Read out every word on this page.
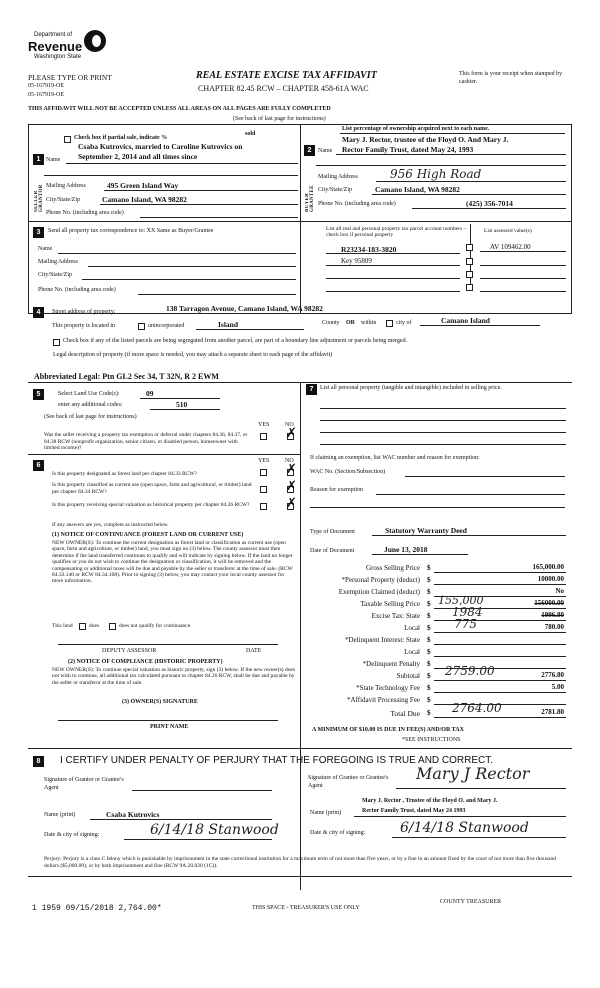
Department of
Revenue
Washington State
PLEASE TYPE OR PRINT
05-167919-OE
05-167919-OE
REAL ESTATE EXCISE TAX AFFIDAVIT
CHAPTER 82.45 RCW – CHAPTER 458-61A WAC
This form is your receipt when stamped by cashier.
THIS AFFIDAVIT WILL NOT BE ACCEPTED UNLESS ALL AREAS ON ALL PAGES ARE FULLY COMPLETED
(See back of last page for instructions)
Check box if partial sale, indicate %
sold
List percentage of ownership acquired next to each name.
1
SELLER GRANTOR
Csaba Kutrovics, married to Caroline Kutrovics on
Name September 2, 2014 and all times since
Mailing Address	495 Green Island Way
City/State/Zip	Camano Island, WA 98282
Phone No. (including area code)
2
BUYER GRANTEE
Mary J. Rector, trustee of the Floyd O. And Mary J.
Name Rector Family Trust, dated May 24, 1993
Mailing Address	956 High Road
City/State/Zip	Camano Island, WA 98282
Phone No. (including area code)	(425) 356-7014
3	Send all property tax correspondence to: XX Same as Buyer/Grantee
Name
Mailing Address
City/State/Zip
Phone No. (including area code)
List all real and personal property tax parcel account numbers – check box if personal property
List assessed value(s)
R23234-183-3820	AV 109462.00
Key 95809
4	Street address of property:	138 Tarragon Avenue, Camano Island, WA 98282
This property is located in	unincorporated	Island	County OR within	city of	Camano Island
Check box if any of the listed parcels are being segregated from another parcel, are part of a boundary line adjustment or parcels being merged.
Legal description of property (if more space is needed, you may attach a separate sheet to each page of the affidavit)
Abbreviated Legal: Ptn GL2 Sec 34, T 32N, R 2 EWM
5	Select Land Use Code(s):	09
enter any additional codes:	510
(See back of last page for instructions)
YES	NO
Was the seller receiving a property tax exemption or deferral under chapters 84.36, 84.37, or 84.38 RCW (nonprofit organization, senior citizen, or disabled person, homeowner with limited income)?
✗
6
YES	NO
Is this property designated as forest land per chapter 84.33 RCW?	✗
Is this property classified as current use (open space, farm and agricultural, or timber) land per chapter 84.34 RCW?	✗
Is this property receiving special valuation as historical property per chapter 84.26 RCW?	✗
If any answers are yes, complete as instructed below.
(1) NOTICE OF CONTINUANCE (FOREST LAND OR CURRENT USE)
NEW OWNER(S): To continue the current designation as forest land or classification as current use (open space, farm and agriculture, or timber) land, you must sign on (3) below. The county assessor must then determine if the land transferred continues to qualify and will indicate by signing below. If the land no longer qualifies or you do not wish to continue the designation or classification, it will be removed and the compensating or additional taxes will be due and payable by the seller or transferor at the time of sale. (RCW 84.33.140 or RCW 84.34.108). Prior to signing (3) below, you may contact your local county assessor for more information.
This land	does	does not qualify for continuance.
DEPUTY ASSESSOR	DATE
(2) NOTICE OF COMPLIANCE (HISTORIC PROPERTY)
NEW OWNER(S): To continue special valuation as historic property, sign (3) below. If the new owner(s) does not wish to continue, all additional tax calculated pursuant to chapter 84.26 RCW, shall be due and payable by the seller or transferor at the time of sale.
(3) OWNER(S) SIGNATURE
PRINT NAME
7	List all personal property (tangible and intangible) included in selling price.
If claiming an exemption, list WAC number and reason for exemption:
WAC No. (Section/Subsection)
Reason for exemption
Type of Document	Statutory Warranty Deed
Date of Document	June 13, 2018
Gross Selling Price $	165,000.00
*Personal Property (deduct) $	10000.00
Exemption Claimed (deduct) $	No
Taxable Selling Price $ 155,000	156000.00
Excise Tax: State $ 1984	1996.80
Local $ 775	780.00
*Delinquent Interest: State $
Local $
*Delinquent Penalty $
Subtotal $ 2759.00	2776.80
*State Technology Fee $	5.00
*Affidavit Processing Fee $
Total Due $ 2764.00	2781.80
A MINIMUM OF $10.00 IS DUE IN FEE(S) AND/OR TAX
*SEE INSTRUCTIONS
8	I CERTIFY UNDER PENALTY OF PERJURY THAT THE FOREGOING IS TRUE AND CORRECT.
Signature of Grantor or Grantor's Agent
Signature of Grantee or Grantee's Agent
Mary J Rector
Name (print)	Csaba Kutrovics
Mary J. Rector , Trustee of the Floyd O. and Mary J.
Name (print)	Rector Family Trust, dated May 24 1993
Date & city of signing:	6/14/18 Stanwood	Date & city of signing: 6/14/18 Stanwood
Perjury: Perjury is a class C felony which is punishable by imprisonment in the state correctional institution for a maximum term of not more than five years, or by a fine in an amount fixed by the court of not more than five thousand dollars ($5,000.00), or by both imprisonment and fine (RCW 9A.20.020 (1C)).
1 1959 09/15/2018 2,764.00*	THIS SPACE - TREASURER'S USE ONLY
COUNTY TREASURER
